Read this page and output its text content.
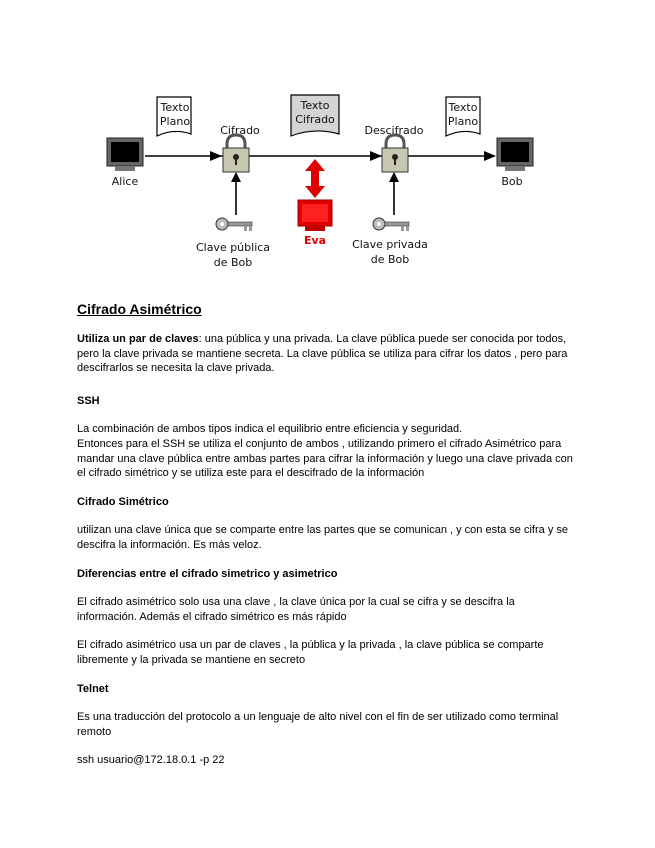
Alice	Bob
Texto
Plano
Texto
Cifrado
Texto
Plano
Cifrado	Descifrado
Clave pública
de Bob
Clave privada
de Bob
Eva
Cifrado Asimétrico

Utiliza un par de claves: una pública y una privada. La clave pública puede ser conocida por todos, pero la clave privada se mantiene secreta. La clave pública se utiliza para cifrar los datos , pero para descifrarlos se necesita la clave privada.

SSH

La combinación de ambos tipos indica el equilibrio entre eficiencia y seguridad.

Entonces para el SSH se utiliza el conjunto de ambos , utilizando primero el cifrado Asimétrico para mandar una clave pública entre ambas partes para cifrar la información y luego una clave privada con el cifrado simétrico y se utiliza este para el descifrado de la información

Cifrado Simétrico

utilizan una clave única que se comparte entre las partes que se comunican , y con esta se cifra y se descifra la información. Es más veloz.

Diferencias entre el cifrado simetrico y asimetrico

El cifrado asimétrico solo usa una clave , la clave única por la cual se cifra y se descifra la información. Además el cifrado simétrico es más rápido

El cifrado asimétrico usa un par de claves , la pública y la privada , la clave pública se comparte libremente y la privada se mantiene en secreto

Telnet

Es una traducción del protocolo a un lenguaje de alto nivel con el fin de ser utilizado como terminal remoto

ssh usuario@172.18.0.1 -p 22
